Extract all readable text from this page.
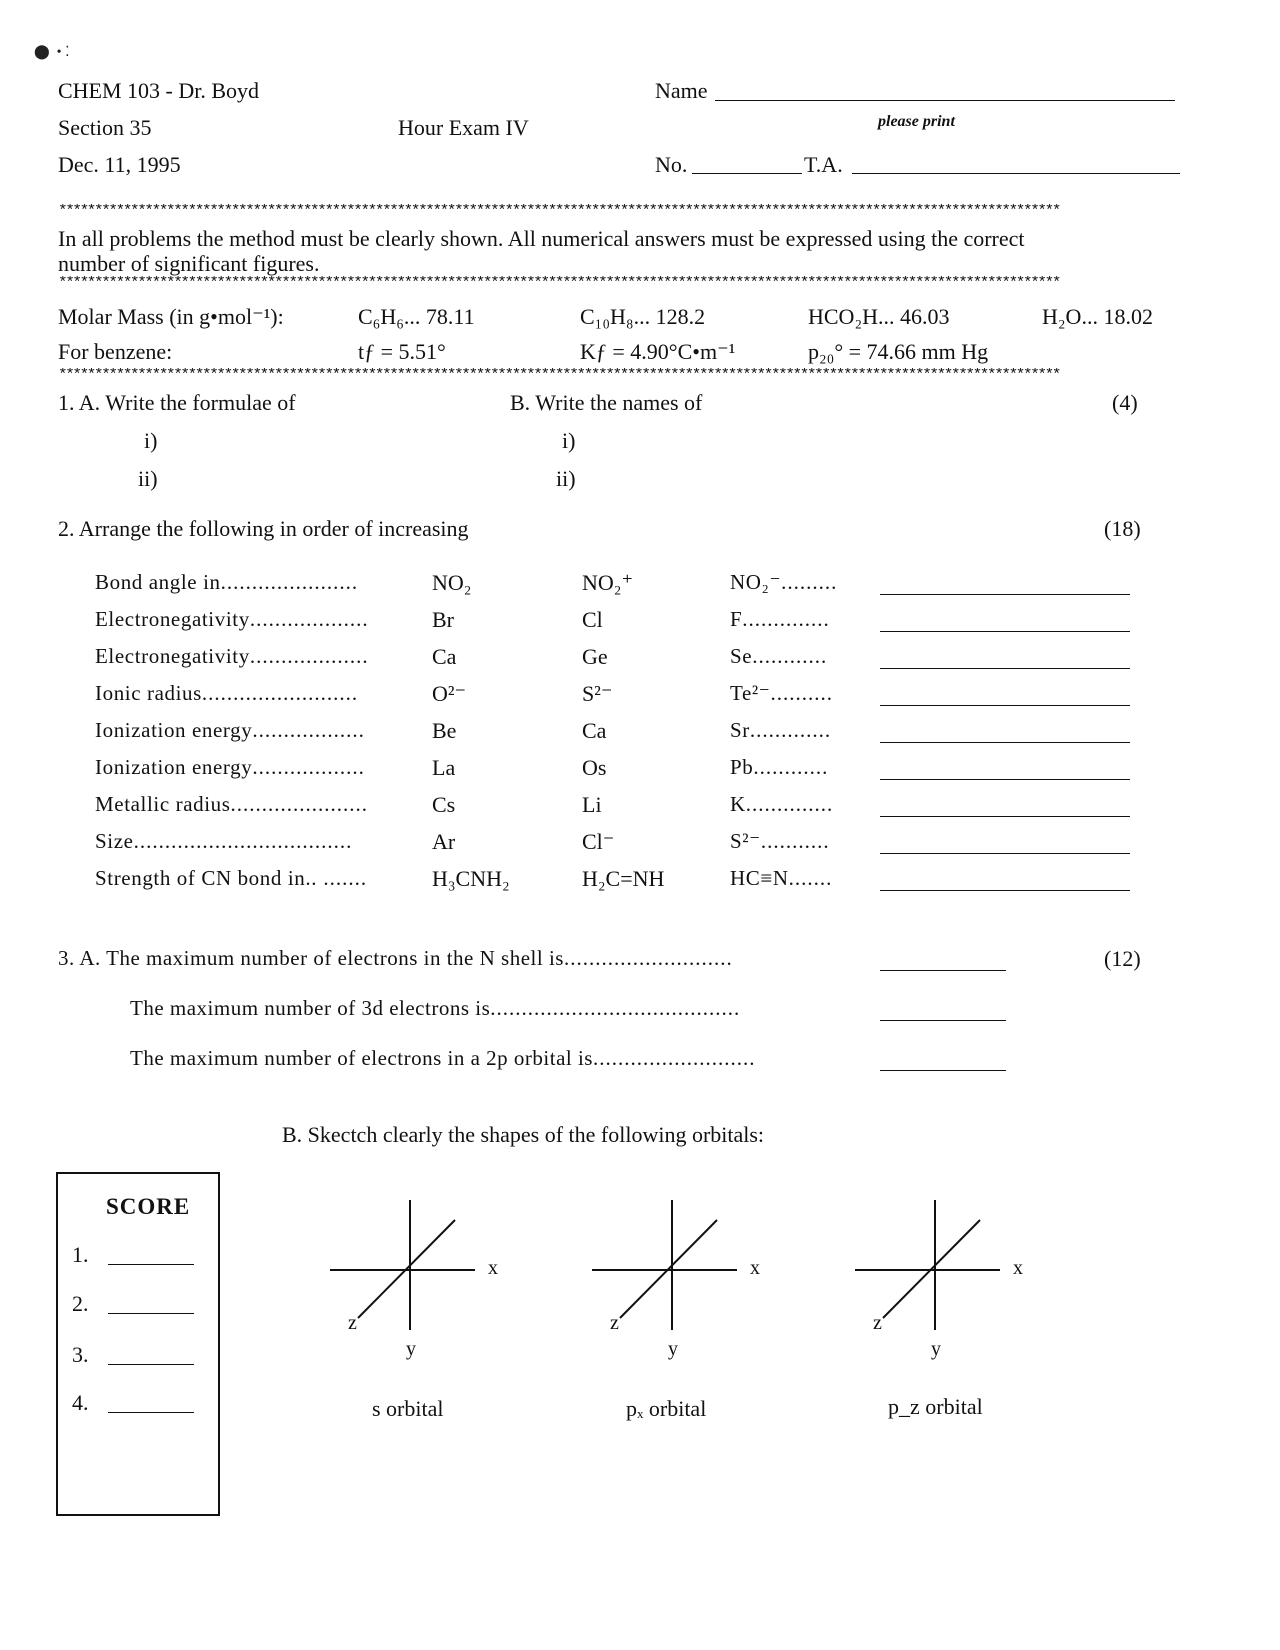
⬤  • ⁚
CHEM 103 - Dr. Boyd
Section 35
Dec. 11, 1995
Hour Exam IV
Name
please print
No.	T.A.
*******************************************************************************************************************************************
In all problems the method must be clearly shown. All numerical answers must be expressed using the correct
number of significant figures.
*******************************************************************************************************************************************
Molar Mass (in g•mol⁻¹):	C₆H₆... 78.11	C₁₀H₈... 128.2	HCO₂H... 46.03	H₂O... 18.02
For benzene:	tƒ = 5.51°	Kƒ = 4.90°C•m⁻¹	p₂₀° = 74.66 mm Hg
*******************************************************************************************************************************************
1. A. Write the formulae of	B. Write the names of	(4)
i)
ii)
i)
ii)
2. Arrange the following in order of increasing	(18)
Bond angle in......................	NO₂	NO₂⁺	NO₂⁻.........
Electronegativity...................	Br	Cl	F..............
Electronegativity...................	Ca	Ge	Se............
Ionic radius.........................	O²⁻	S²⁻	Te²⁻..........
Ionization energy..................	Be	Ca	Sr.............
Ionization energy..................	La	Os	Pb............
Metallic radius......................	Cs	Li	K..............
Size...................................	Ar	Cl⁻	S²⁻...........
Strength of CN bond in.. .......	H₃CNH₂	H₂C=NH	HC≡N.......
3. A. The maximum number of electrons in the N shell is...........................	(12)
The maximum number of 3d electrons is........................................
The maximum number of electrons in a 2p orbital is..........................
B. Skectch clearly the shapes of the following orbitals:
SCORE
1.
2.
3.
4.
x
y
z
x
y
z
x
y
z
s orbital	pₓ orbital	p_z orbital
